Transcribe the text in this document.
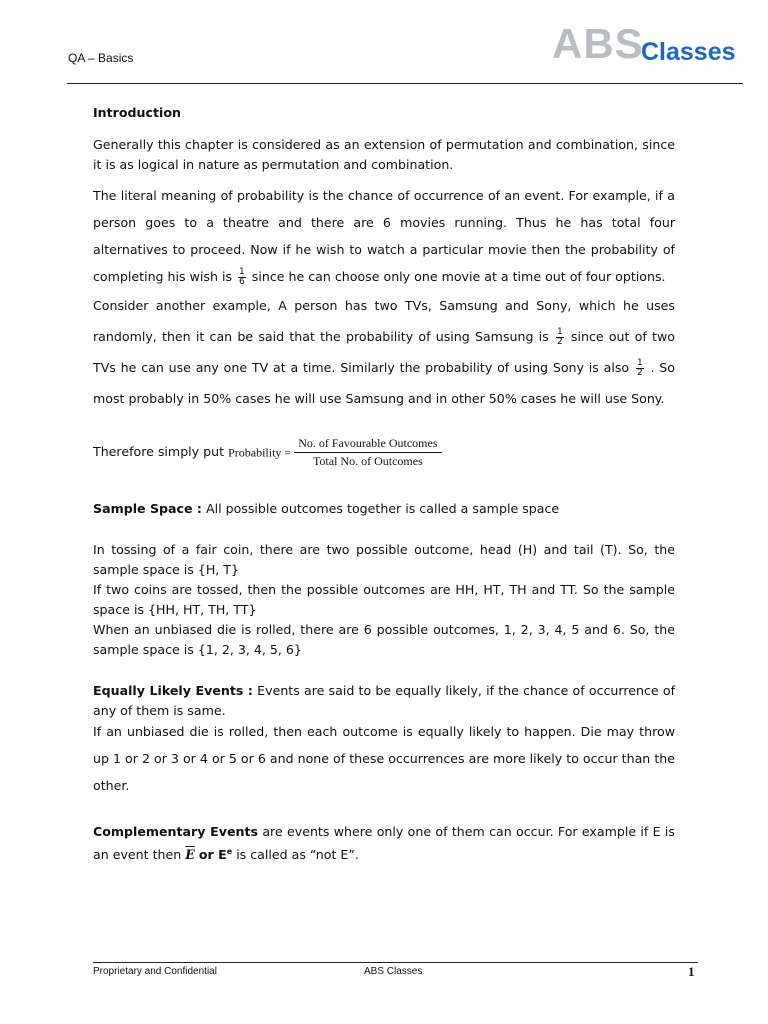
QA – Basics	ABS
Classes

Introduction

Generally this chapter is considered as an extension of permutation and combination, since it is as logical in nature as permutation and combination.

The literal meaning of probability is the chance of occurrence of an event. For example, if a person goes to a theatre and there are 6 movies running. Thus he has total four alternatives to proceed. Now if he wish to watch a particular movie then the probability of completing his wish is $\frac{1}{6}$ since he can choose only one movie at a time out of four options.

Consider another example, A person has two TVs, Samsung and Sony, which he uses randomly, then it can be said that the probability of using Samsung is $\frac{1}{2}$ since out of two TVs he can use any one TV at a time. Similarly the probability of using Sony is also $\frac{1}{2}$ . So most probably in 50% cases he will use Samsung and in other 50% cases he will use Sony.

Therefore simply put Probability = $\frac{\text{No. of Favourable Outcomes}}{\text{Total No. of Outcomes}}$

Sample Space : All possible outcomes together is called a sample space

In tossing of a fair coin, there are two possible outcome, head (H) and tail (T). So, the sample space is {H, T}

If two coins are tossed, then the possible outcomes are HH, HT, TH and TT. So the sample space is {HH, HT, TH, TT}

When an unbiased die is rolled, there are 6 possible outcomes, 1, 2, 3, 4, 5 and 6. So, the sample space is {1, 2, 3, 4, 5, 6}

Equally Likely Events : Events are said to be equally likely, if the chance of occurrence of any of them is same.

If an unbiased die is rolled, then each outcome is equally likely to happen. Die may throw up 1 or 2 or 3 or 4 or 5 or 6 and none of these occurrences are more likely to occur than the other.

Complementary Events are events where only one of them can occur. For example if E is an event then $\overline{E}$ or $E^e$ is called as “not E”.

Proprietary and Confidential	ABS Classes	1
